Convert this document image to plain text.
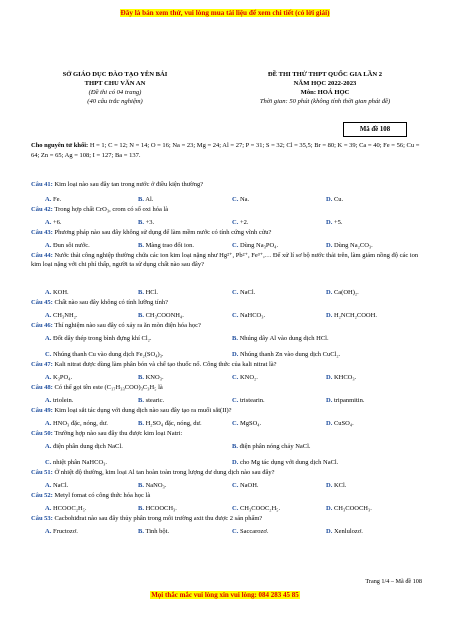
Đây là bản xem thử, vui lòng mua tài liệu để xem chi tiết (có lời giải)
SỞ GIÁO DỤC ĐÀO TẠO YÊN BÁI
THPT CHU VĂN AN
(Đề thi có 04 trang)
(40 câu trắc nghiệm)
ĐỀ THI THỬ THPT QUỐC GIA LẦN 2
NĂM HỌC 2022-2023
Môn: HOÁ HỌC
Thời gian: 50 phút (không tính thời gian phát đề)
Mã đề 108
Cho nguyên tử khối: H = 1; C = 12; N = 14; O = 16; Na = 23; Mg = 24; Al = 27; P = 31; S = 32; Cl = 35,5; Br = 80; K = 39; Ca = 40; Fe = 56; Cu = 64; Zn = 65; Ag = 108; I = 127; Ba = 137.
Câu 41: Kim loại nào sau đây tan trong nước ở điều kiện thường?
A. Fe.	B. Al.	C. Na.	D. Cu.
Câu 42: Trong hợp chất CrO₃, crom có số oxi hóa là
A. +6.	B. +3.	C. +2.	D. +5.
Câu 43: Phương pháp nào sau đây không sử dụng để làm mềm nước có tính cứng vĩnh cửu?
A. Đun sôi nước.	B. Màng trao đổi ion.	C. Dùng Na₃PO₄.	D. Dùng Na₂CO₃.
Câu 44: Nước thải công nghiệp thường chứa các ion kim loại nặng như Hg²⁺, Pb²⁺, Fe³⁺,… Để xử lí sơ bộ nước thải trên, làm giảm nồng độ các ion kim loại nặng với chi phí thấp, người ta sử dụng chất nào sau đây?
A. KOH.	B. HCl.	C. NaCl.	D. Ca(OH)₂.
Câu 45: Chất nào sau đây không có tính lưỡng tính?
A. CH₃NH₂.	B. CH₃COONH₄.	C. NaHCO₃.	D. H₂NCH₂COOH.
Câu 46: Thí nghiệm nào sau đây có xảy ra ăn mòn điện hóa học?
A. Đốt dây thép trong bình đựng khí Cl₂.	B. Nhúng dây Al vào dung dịch HCl.
C. Nhúng thanh Cu vào dung dịch Fe₂(SO₄)₃.	D. Nhúng thanh Zn vào dung dịch CuCl₂.
Câu 47: Kali nitrat được dùng làm phân bón và chế tạo thuốc nổ. Công thức của kali nitrat là?
A. K₃PO₄.	B. KNO₃.	C. KNO₂.	D. KHCO₃.
Câu 48: Có thể gọi tên este (C₁₇H₃₃COO)₃C₃H₅ là
A. triolein.	B. stearic.	C. tristearin.	D. tripanmitin.
Câu 49: Kim loại sắt tác dụng với dung dịch nào sau đây tạo ra muối sắt(II)?
A. HNO₃ đặc, nóng, dư.	B. H₂SO₄ đặc, nóng, dư.	C. MgSO₄.	D. CuSO₄.
Câu 50: Trường hợp nào sau đây thu được kim loại Natri:
A. điện phân dung dịch NaCl.	B. điện phân nóng chảy NaCl.
C. nhiệt phân NaHCO₃.	D. cho Mg tác dụng với dung dịch NaCl.
Câu 51: Ở nhiệt độ thường, kim loại Al tan hoàn toàn trong lượng dư dung dịch nào sau đây?
A. NaCl.	B. NaNO₃.	C. NaOH.	D. KCl.
Câu 52: Metyl fomat có công thức hóa học là
A. HCOOC₂H₅.	B. HCOOCH₃.	C. CH₃COOC₂H₅.	D. CH₃COOCH₃.
Câu 53: Cacbohiđrat nào sau đây thủy phân trong môi trường axit thu được 2 sản phẩm?
A. Fructozơ.	B. Tinh bột.	C. Saccarozơ.	D. Xenlulozơ.
Trang 1/4 – Mã đề 108
Mọi thắc mắc vui lòng xin vui lòng: 084 283 45 85
